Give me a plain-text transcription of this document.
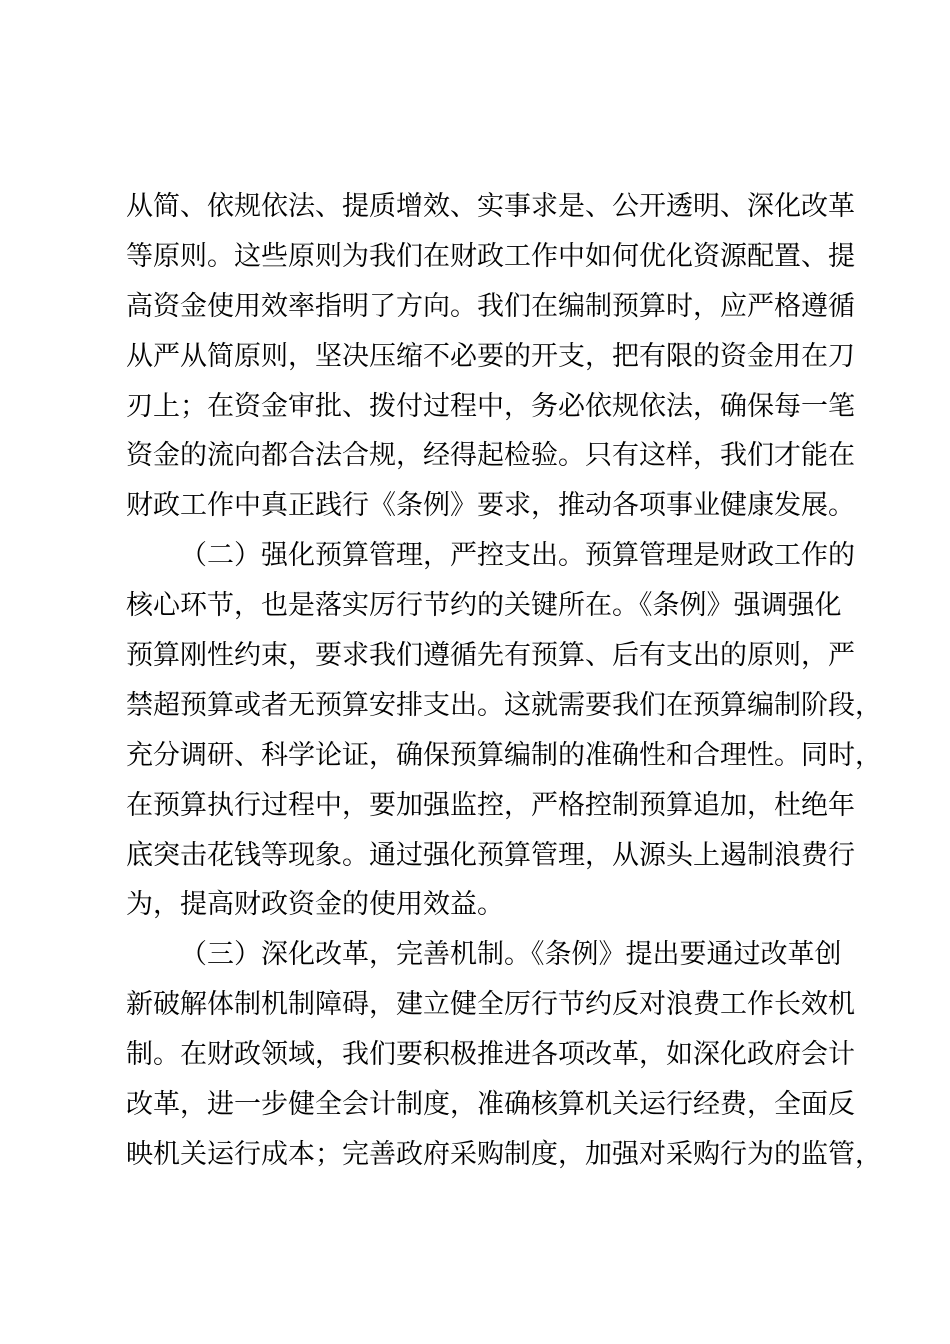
从简、依规依法、提质增效、实事求是、公开透明、深化改革
等原则。这些原则为我们在财政工作中如何优化资源配置、提
高资金使用效率指明了方向。我们在编制预算时，应严格遵循
从严从简原则，坚决压缩不必要的开支，把有限的资金用在刀
刃上；在资金审批、拨付过程中，务必依规依法，确保每一笔
资金的流向都合法合规，经得起检验。只有这样，我们才能在
财政工作中真正践行《条例》要求，推动各项事业健康发展。
（二）强化预算管理，严控支出。预算管理是财政工作的
核心环节，也是落实厉行节约的关键所在。《条例》强调强化
预算刚性约束，要求我们遵循先有预算、后有支出的原则，严
禁超预算或者无预算安排支出。这就需要我们在预算编制阶段，
充分调研、科学论证，确保预算编制的准确性和合理性。同时，
在预算执行过程中，要加强监控，严格控制预算追加，杜绝年
底突击花钱等现象。通过强化预算管理，从源头上遏制浪费行
为，提高财政资金的使用效益。
（三）深化改革，完善机制。《条例》提出要通过改革创
新破解体制机制障碍，建立健全厉行节约反对浪费工作长效机
制。在财政领域，我们要积极推进各项改革，如深化政府会计
改革，进一步健全会计制度，准确核算机关运行经费，全面反
映机关运行成本；完善政府采购制度，加强对采购行为的监管，
